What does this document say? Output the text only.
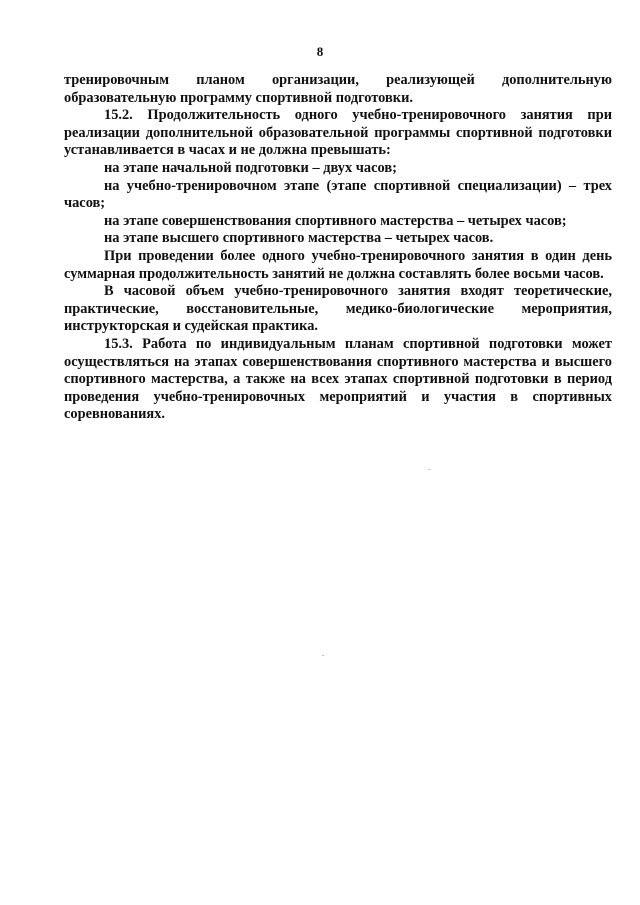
8

тренировочным планом организации, реализующей дополнительную образовательную программу спортивной подготовки.

15.2. Продолжительность одного учебно-тренировочного занятия при реализации дополнительной образовательной программы спортивной подготовки устанавливается в часах и не должна превышать:

на этапе начальной подготовки – двух часов;

на учебно-тренировочном этапе (этапе спортивной специализации) – трех часов;

на этапе совершенствования спортивного мастерства – четырех часов;

на этапе высшего спортивного мастерства – четырех часов.

При проведении более одного учебно-тренировочного занятия в один день суммарная продолжительность занятий не должна составлять более восьми часов.

В часовой объем учебно-тренировочного занятия входят теоретические, практические, восстановительные, медико-биологические мероприятия, инструкторская и судейская практика.

15.3. Работа по индивидуальным планам спортивной подготовки может осуществляться на этапах совершенствования спортивного мастерства и высшего спортивного мастерства, а также на всех этапах спортивной подготовки в период проведения учебно-тренировочных мероприятий и участия в спортивных соревнованиях.
